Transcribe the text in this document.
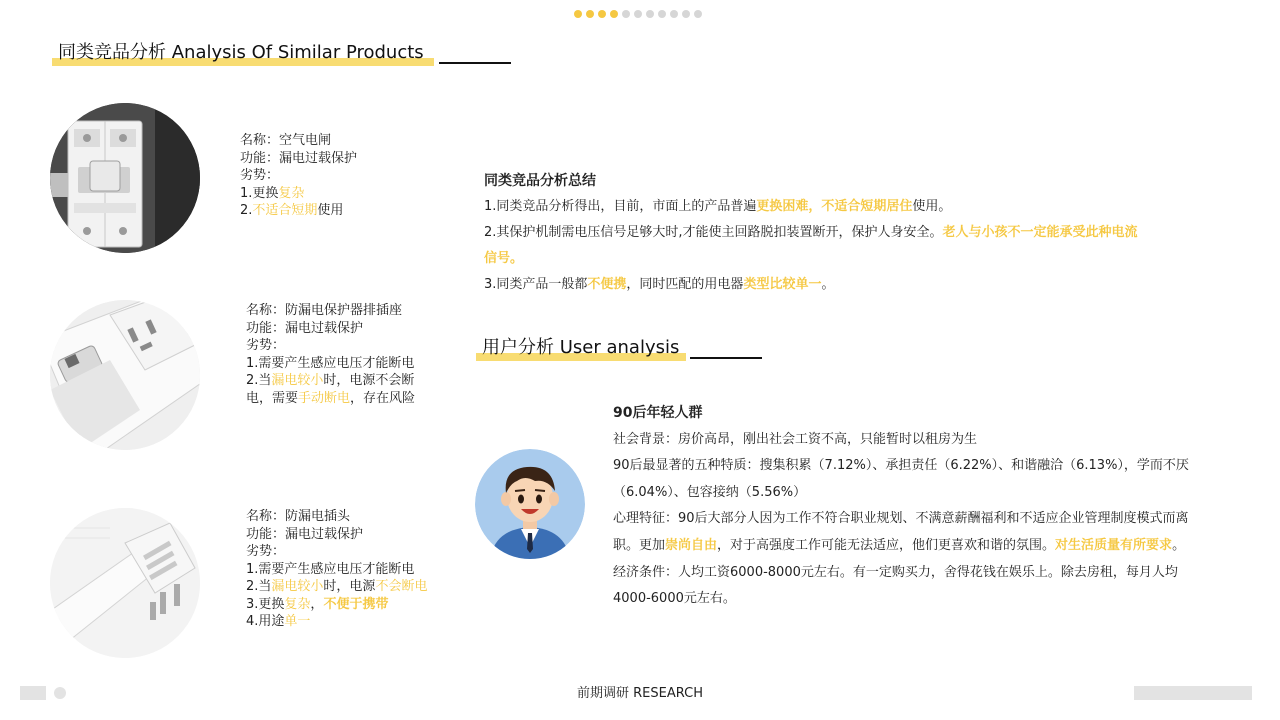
同类竞品分析 Analysis Of Similar Products
名称：空气电闸
功能：漏电过载保护
劣势：
1.更换复杂
2.不适合短期使用
名称：防漏电保护器排插座
功能：漏电过载保护
劣势：
1.需要产生感应电压才能断电
2.当漏电较小时，电源不会断电，需要手动断电，存在风险
名称：防漏电插头
功能：漏电过载保护
劣势：
1.需要产生感应电压才能断电
2.当漏电较小时，电源不会断电
3.更换复杂，不便于携带
4.用途单一
同类竞品分析总结
1.同类竞品分析得出，目前，市面上的产品普遍更换困难，不适合短期居住使用。
2.其保护机制需电压信号足够大时,才能使主回路脱扣装置断开，保护人身安全。老人与小孩不一定能承受此种电流信号。
3.同类产品一般都不便携，同时匹配的用电器类型比较单一。
用户分析 User analysis
90后年轻人群
社会背景：房价高昂，刚出社会工资不高，只能暂时以租房为生
90后最显著的五种特质：搜集积累（7.12%）、承担责任（6.22%）、和谐融洽（6.13%），学而不厌（6.04%）、包容接纳（5.56%）
心理特征：90后大部分人因为工作不符合职业规划、不满意薪酬福利和不适应企业管理制度模式而离职。更加崇尚自由，对于高强度工作可能无法适应，他们更喜欢和谐的氛围。对生活质量有所要求。
经济条件：人均工资6000-8000元左右。有一定购买力，舍得花钱在娱乐上。除去房租，每月人均4000-6000元左右。
前期调研 RESEARCH
